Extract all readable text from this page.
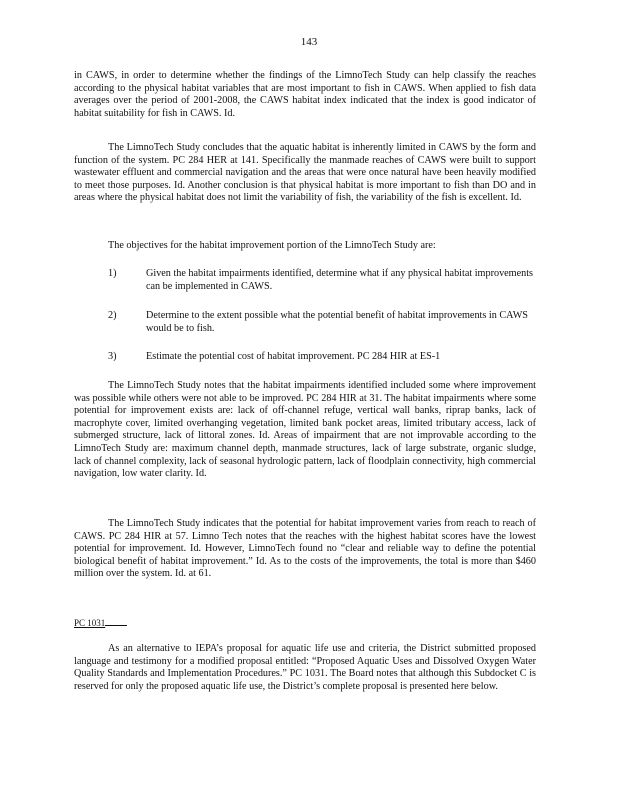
143

in CAWS, in order to determine whether the findings of the LimnoTech Study can help classify the reaches according to the physical habitat variables that are most important to fish in CAWS. When applied to fish data averages over the period of 2001-2008, the CAWS habitat index indicated that the index is good indicator of habitat suitability for fish in CAWS. Id.

The LimnoTech Study concludes that the aquatic habitat is inherently limited in CAWS by the form and function of the system. PC 284 HER at 141. Specifically the manmade reaches of CAWS were built to support wastewater effluent and commercial navigation and the areas that were once natural have been heavily modified to meet those purposes. Id. Another conclusion is that physical habitat is more important to fish than DO and in areas where the physical habitat does not limit the variability of fish, the variability of the fish is excellent. Id.

The objectives for the habitat improvement portion of the LimnoTech Study are:

1)	Given the habitat impairments identified, determine what if any physical habitat improvements can be implemented in CAWS.

2)	Determine to the extent possible what the potential benefit of habitat improvements in CAWS would be to fish.

3)	Estimate the potential cost of habitat improvement. PC 284 HIR at ES-1

The LimnoTech Study notes that the habitat impairments identified included some where improvement was possible while others were not able to be improved. PC 284 HIR at 31. The habitat impairments where some potential for improvement exists are: lack of off-channel refuge, vertical wall banks, riprap banks, lack of macrophyte cover, limited overhanging vegetation, limited bank pocket areas, limited tributary access, lack of submerged structure, lack of littoral zones. Id. Areas of impairment that are not improvable according to the LimnoTech Study are: maximum channel depth, manmade structures, lack of large substrate, organic sludge, lack of channel complexity, lack of seasonal hydrologic pattern, lack of floodplain connectivity, high commercial navigation, low water clarity. Id.

The LimnoTech Study indicates that the potential for habitat improvement varies from reach to reach of CAWS. PC 284 HIR at 57. Limno Tech notes that the reaches with the highest habitat scores have the lowest potential for improvement. Id. However, LimnoTech found no “clear and reliable way to define the potential biological benefit of habitat improvement.” Id. As to the costs of the improvements, the total is more than $460 million over the system. Id. at 61.

PC 1031

As an alternative to IEPA’s proposal for aquatic life use and criteria, the District submitted proposed language and testimony for a modified proposal entitled: “Proposed Aquatic Uses and Dissolved Oxygen Water Quality Standards and Implementation Procedures.” PC 1031. The Board notes that although this Subdocket C is reserved for only the proposed aquatic life use, the District’s complete proposal is presented here below.
